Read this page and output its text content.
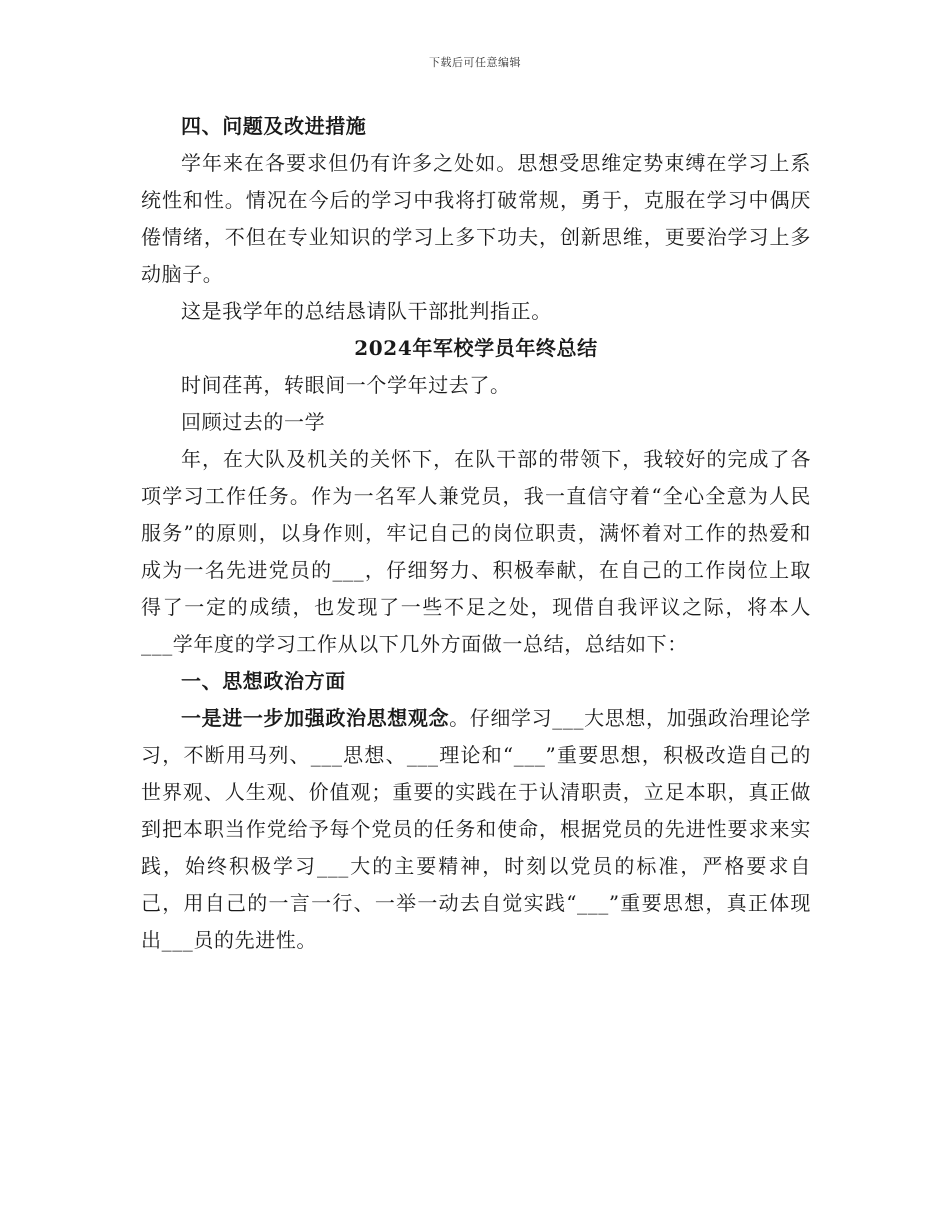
下载后可任意编辑

四、问题及改进措施

学年来在各要求但仍有许多之处如。思想受思维定势束缚在学习上系统性和性。情况在今后的学习中我将打破常规，勇于，克服在学习中偶厌倦情绪，不但在专业知识的学习上多下功夫，创新思维，更要治学习上多动脑子。

这是我学年的总结恳请队干部批判指正。

2024年军校学员年终总结

时间荏苒，转眼间一个学年过去了。

回顾过去的一学

年，在大队及机关的关怀下，在队干部的带领下，我较好的完成了各项学习工作任务。作为一名军人兼党员，我一直信守着“全心全意为人民服务”的原则，以身作则，牢记自己的岗位职责，满怀着对工作的热爱和成为一名先进党员的___，仔细努力、积极奉献，在自己的工作岗位上取得了一定的成绩，也发现了一些不足之处，现借自我评议之际，将本人___学年度的学习工作从以下几外方面做一总结，总结如下：

一、思想政治方面

一是进一步加强政治思想观念。仔细学习___大思想，加强政治理论学习，不断用马列、___思想、___理论和“___”重要思想，积极改造自己的世界观、人生观、价值观；重要的实践在于认清职责，立足本职，真正做到把本职当作党给予每个党员的任务和使命，根据党员的先进性要求来实践，始终积极学习___大的主要精神，时刻以党员的标准，严格要求自己，用自己的一言一行、一举一动去自觉实践“___”重要思想，真正体现出___员的先进性。
